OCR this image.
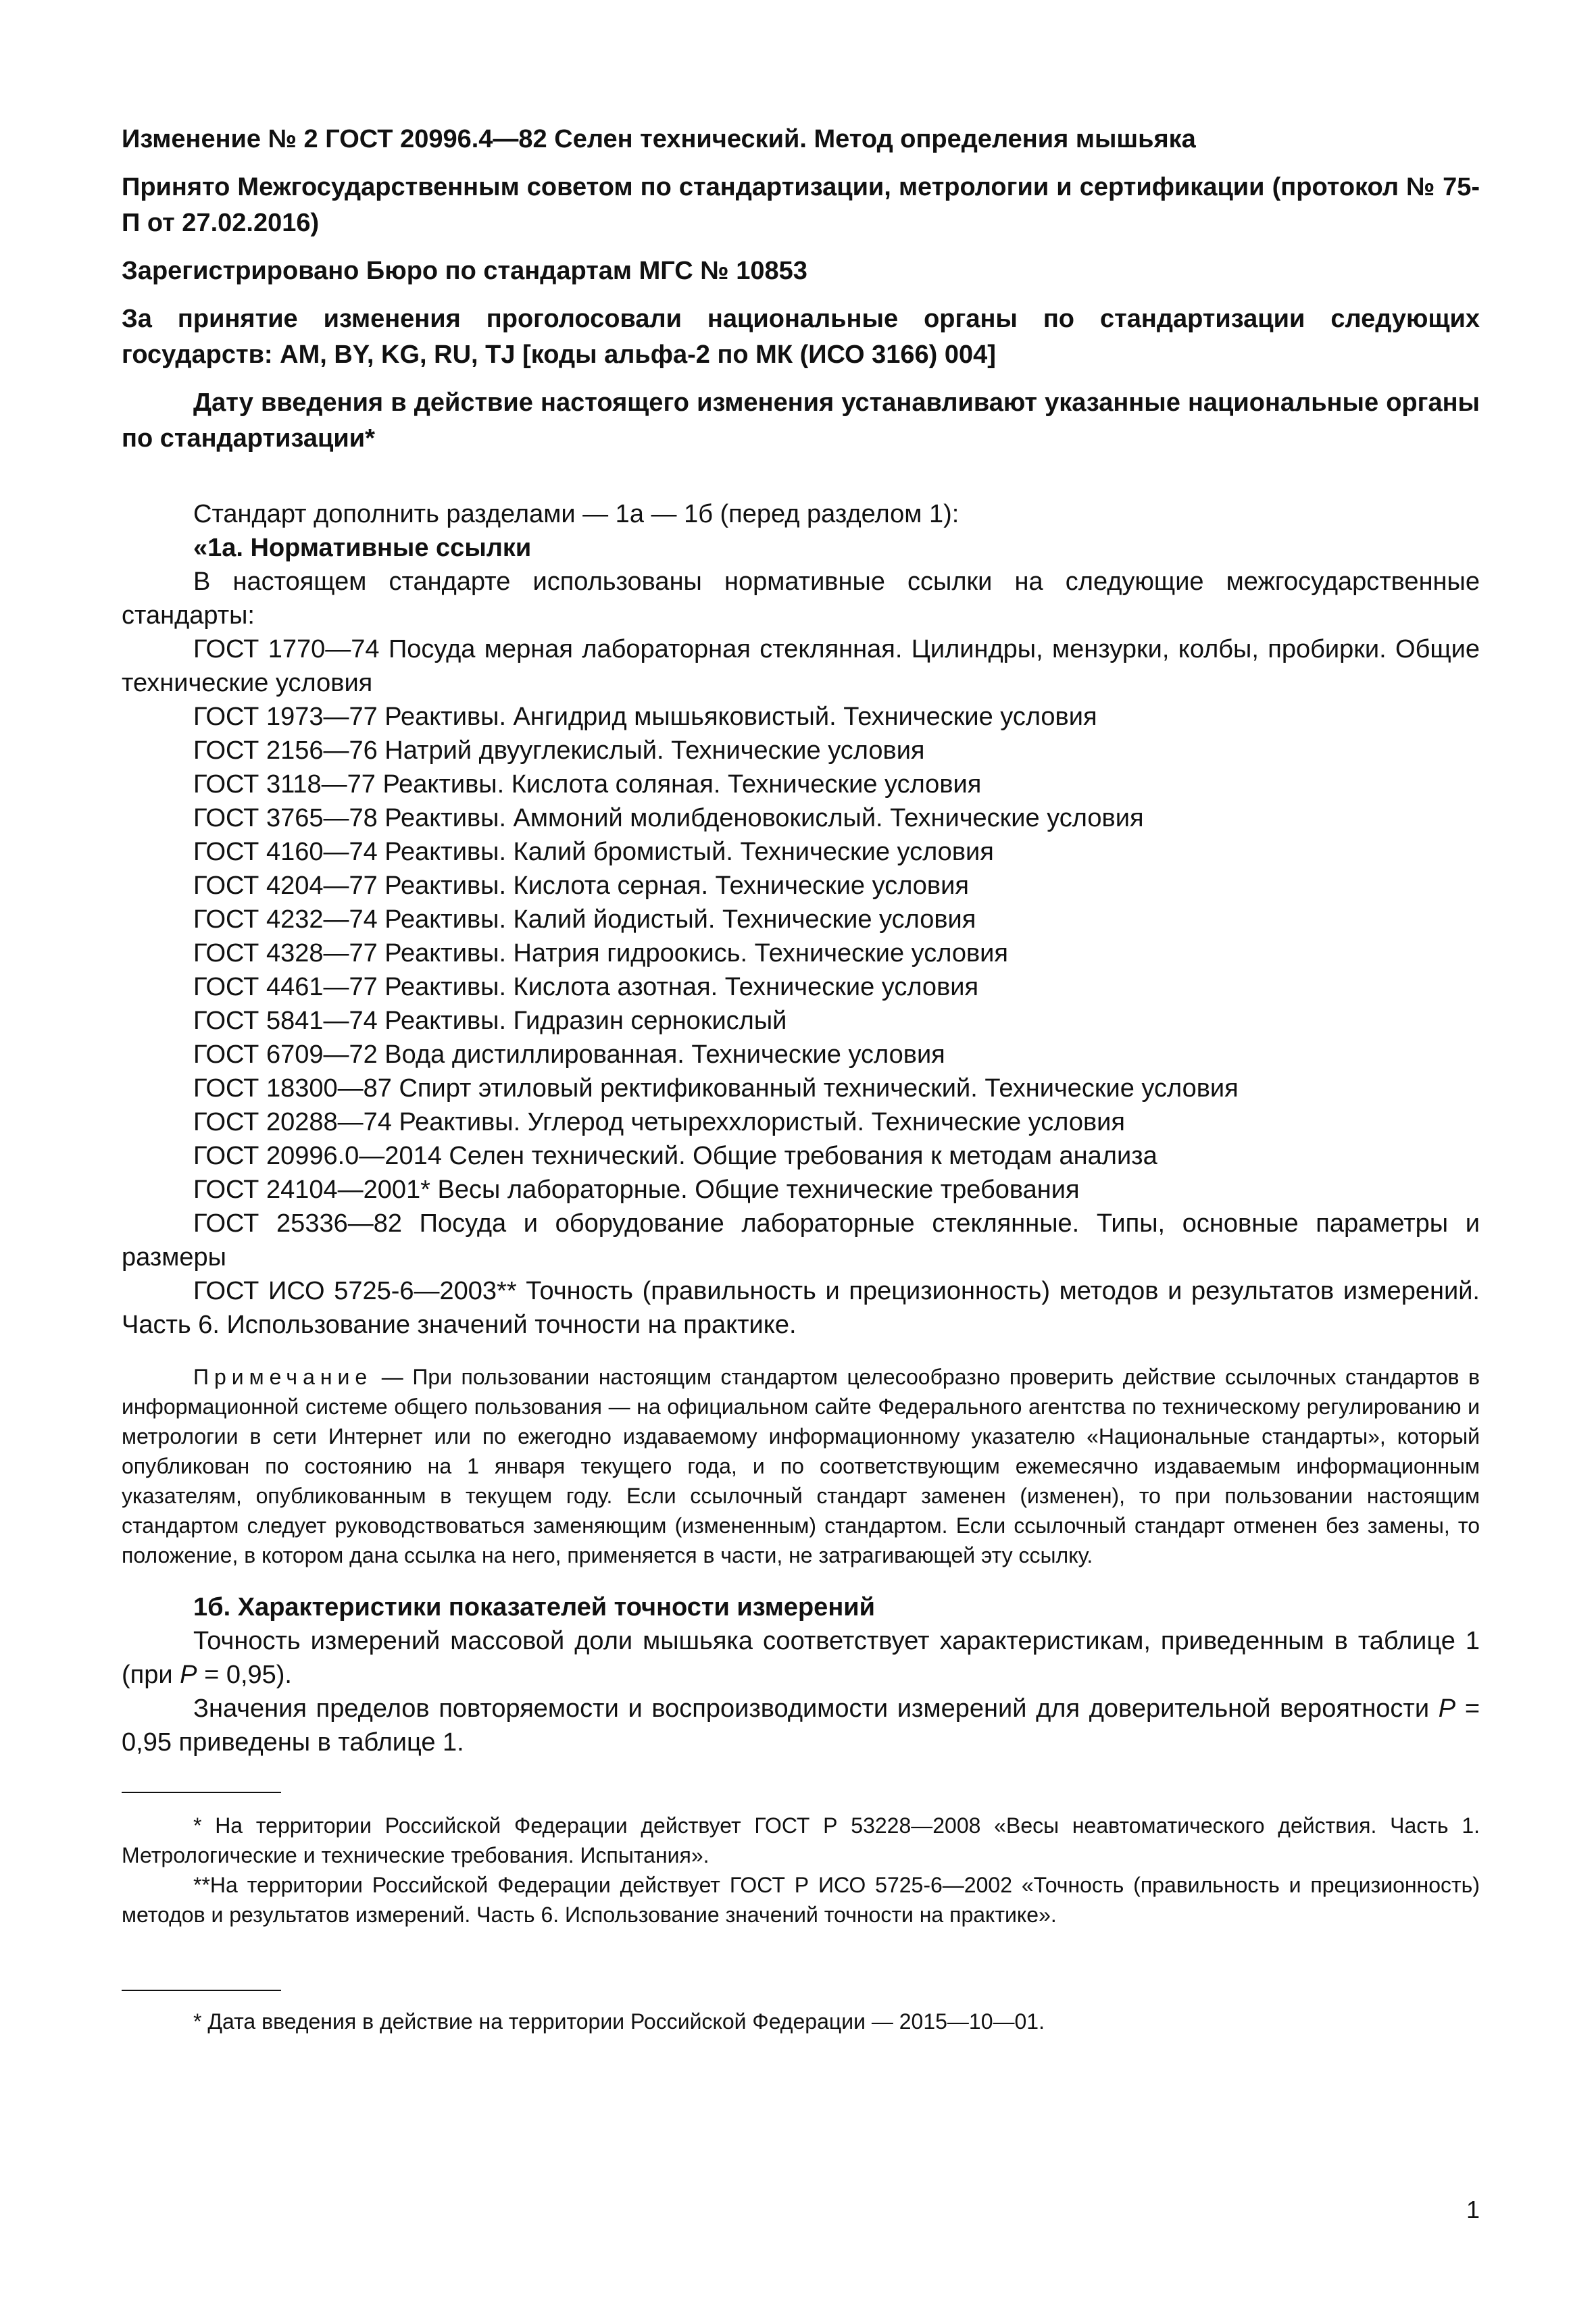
Изменение № 2 ГОСТ 20996.4—82 Селен технический. Метод определения мышьяка

Принято Межгосударственным советом по стандартизации, метрологии и сертификации (протокол № 75-П от 27.02.2016)

Зарегистрировано Бюро по стандартам МГС № 10853

За принятие изменения проголосовали национальные органы по стандартизации следующих государств: AM, BY, KG, RU, TJ [коды альфа-2 по МК (ИСО 3166) 004]

Дату введения в действие настоящего изменения устанавливают указанные национальные органы по стандартизации*

Стандарт дополнить разделами — 1а — 1б (перед разделом 1):

«1а. Нормативные ссылки

В настоящем стандарте использованы нормативные ссылки на следующие межгосударственные стандарты:

ГОСТ 1770—74 Посуда мерная лабораторная стеклянная. Цилиндры, мензурки, колбы, пробирки. Общие технические условия

ГОСТ 1973—77 Реактивы. Ангидрид мышьяковистый. Технические условия

ГОСТ 2156—76 Натрий двууглекислый. Технические условия

ГОСТ 3118—77 Реактивы. Кислота соляная. Технические условия

ГОСТ 3765—78 Реактивы. Аммоний молибденовокислый. Технические условия

ГОСТ 4160—74 Реактивы. Калий бромистый. Технические условия

ГОСТ 4204—77 Реактивы. Кислота серная. Технические условия

ГОСТ 4232—74 Реактивы. Калий йодистый. Технические условия

ГОСТ 4328—77 Реактивы. Натрия гидроокись. Технические условия

ГОСТ 4461—77 Реактивы. Кислота азотная. Технические условия

ГОСТ 5841—74 Реактивы. Гидразин сернокислый

ГОСТ 6709—72 Вода дистиллированная. Технические условия

ГОСТ 18300—87 Спирт этиловый ректификованный технический. Технические условия

ГОСТ 20288—74 Реактивы. Углерод четыреххлористый. Технические условия

ГОСТ 20996.0—2014 Селен технический. Общие требования к методам анализа

ГОСТ 24104—2001* Весы лабораторные. Общие технические требования

ГОСТ 25336—82 Посуда и оборудование лабораторные стеклянные. Типы, основные параметры и размеры

ГОСТ ИСО 5725-6—2003** Точность (правильность и прецизионность) методов и результатов измерений. Часть 6. Использование значений точности на практике.

Примечание — При пользовании настоящим стандартом целесообразно проверить действие ссылочных стандартов в информационной системе общего пользования — на официальном сайте Федерального агентства по техническому регулированию и метрологии в сети Интернет или по ежегодно издаваемому информационному указателю «Национальные стандарты», который опубликован по состоянию на 1 января текущего года, и по соответствующим ежемесячно издаваемым информационным указателям, опубликованным в текущем году. Если ссылочный стандарт заменен (изменен), то при пользовании настоящим стандартом следует руководствоваться заменяющим (измененным) стандартом. Если ссылочный стандарт отменен без замены, то положение, в котором дана ссылка на него, применяется в части, не затрагивающей эту ссылку.

1б. Характеристики показателей точности измерений

Точность измерений массовой доли мышьяка соответствует характеристикам, приведенным в таблице 1 (при P = 0,95).

Значения пределов повторяемости и воспроизводимости измерений для доверительной вероятности P = 0,95 приведены в таблице 1.

* На территории Российской Федерации действует ГОСТ Р 53228—2008 «Весы неавтоматического действия. Часть 1. Метрологические и технические требования. Испытания».

**На территории Российской Федерации действует ГОСТ Р ИСО 5725-6—2002 «Точность (правильность и прецизионность) методов и результатов измерений. Часть 6. Использование значений точности на практике».

* Дата введения в действие на территории Российской Федерации — 2015—10—01.

1
